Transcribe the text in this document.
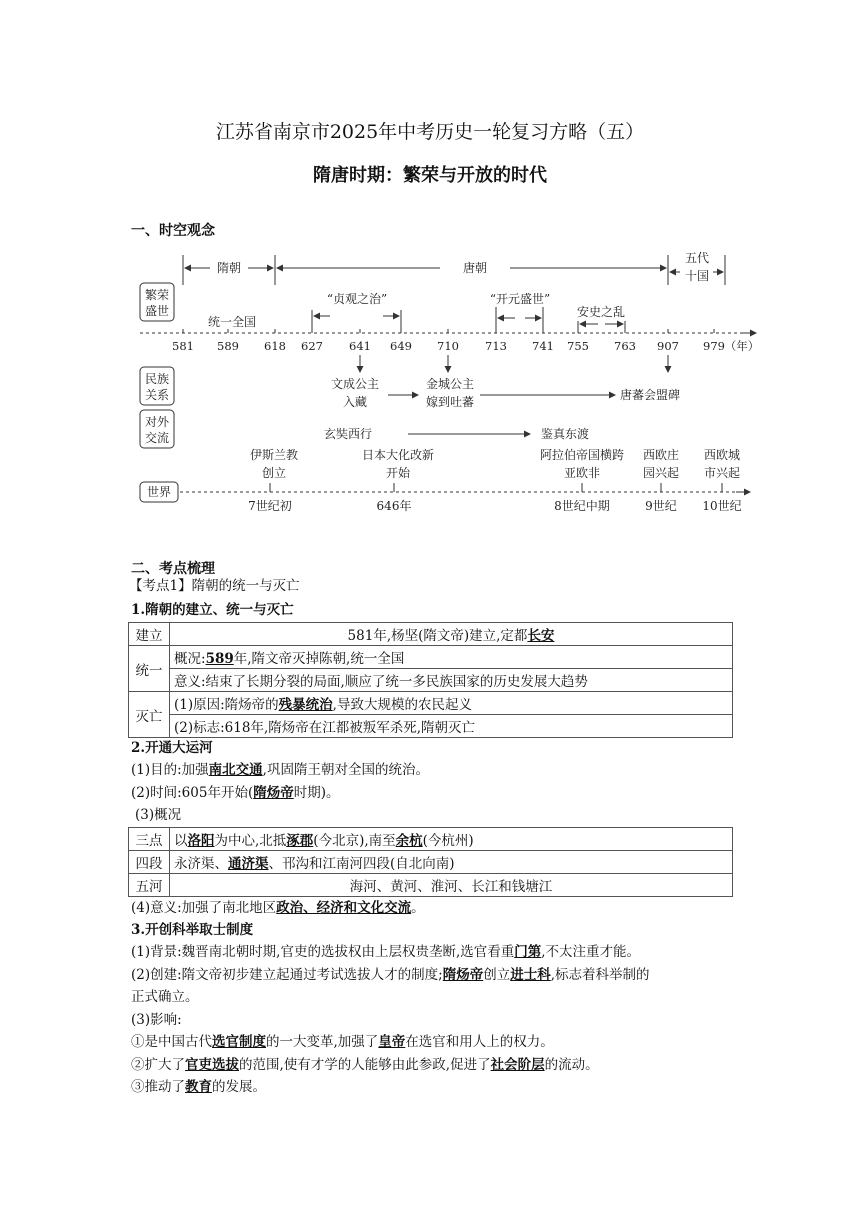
江苏省南京市2025年中考历史一轮复习方略（五）
隋唐时期：繁荣与开放的时代
一、时空观念
隋朝	唐朝
五代
十国
繁荣
盛世
民族
关系
对外
交流
世界
581 589 618 627 641 649 710 713 741 755 763 907 979 （年）
统一全国
“贞观之治”	“开元盛世”
安史之乱
文成公主
入藏
金城公主
嫁到吐蕃	唐蕃会盟碑
玄奘西行	鉴真东渡
伊斯兰教
创立
日本大化改新
开始
阿拉伯帝国横跨
亚欧非
西欧庄
园兴起
西欧城
市兴起
7世纪初	646年	8世纪中期	9世纪 10世纪
二、考点梳理
【考点1】隋朝的统一与灭亡
1.隋朝的建立、统一与灭亡
建立	581年,杨坚(隋文帝)建立,定都长安
统一	概况:589年,隋文帝灭掉陈朝,统一全国
	意义:结束了长期分裂的局面,顺应了统一多民族国家的历史发展大趋势
灭亡	(1)原因:隋炀帝的残暴统治,导致大规模的农民起义
	(2)标志:618年,隋炀帝在江都被叛军杀死,隋朝灭亡
2.开通大运河
(1)目的:加强南北交通,巩固隋王朝对全国的统治。
(2)时间:605年开始(隋炀帝时期)。
(3)概况
三点	以洛阳为中心,北抵涿郡(今北京),南至余杭(今杭州)
四段	永济渠、通济渠、邗沟和江南河四段(自北向南)
五河	海河、黄河、淮河、长江和钱塘江
(4)意义:加强了南北地区政治、经济和文化交流。
3.开创科举取士制度
(1)背景:魏晋南北朝时期,官吏的选拔权由上层权贵垄断,选官看重门第,不太注重才能。
(2)创建:隋文帝初步建立起通过考试选拔人才的制度;隋炀帝创立进士科,标志着科举制的
正式确立。
(3)影响:
①是中国古代选官制度的一大变革,加强了皇帝在选官和用人上的权力。
②扩大了官吏选拔的范围,使有才学的人能够由此参政,促进了社会阶层的流动。
③推动了教育的发展。
